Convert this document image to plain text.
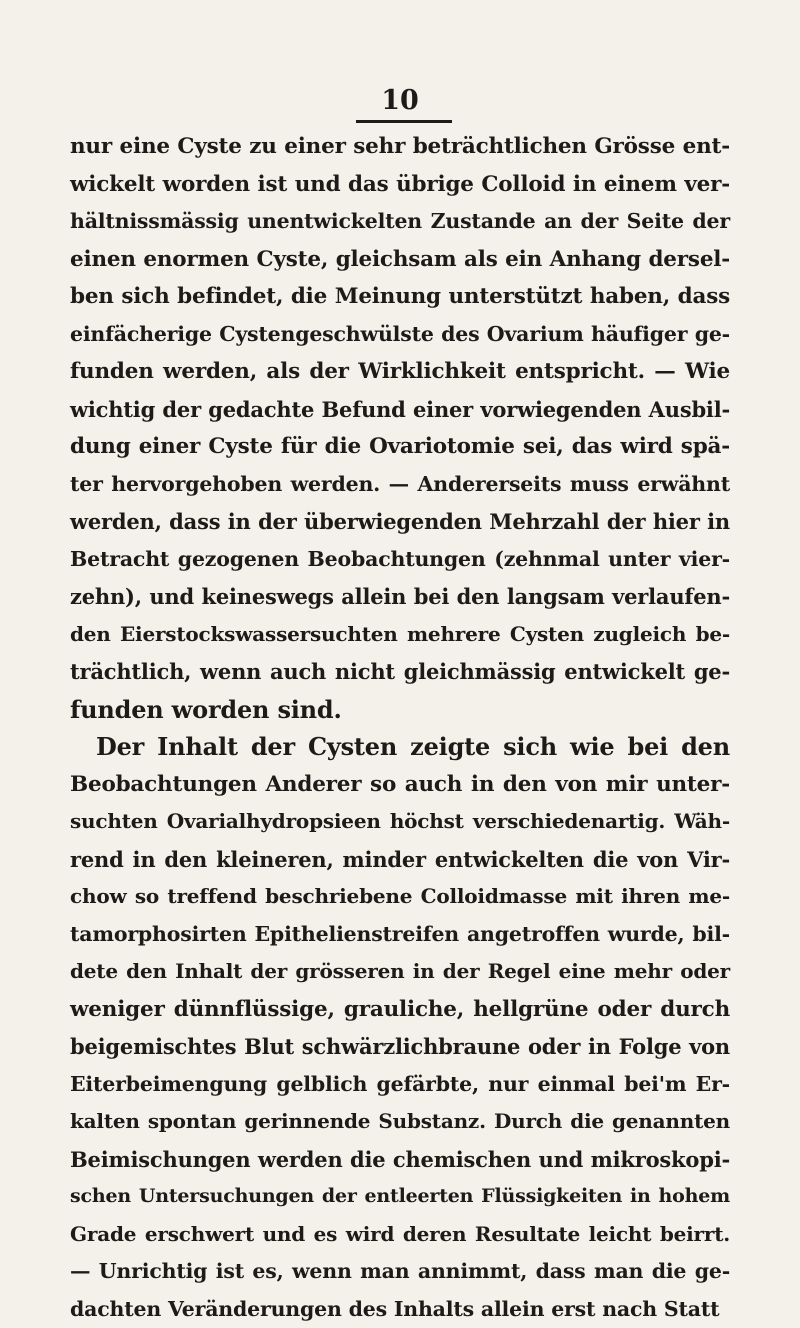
10
nur eine Cyste zu einer sehr beträchtlichen Grösse ent-
wickelt worden ist und das übrige Colloid in einem ver-
hältnissmässig unentwickelten Zustande an der Seite der
einen enormen Cyste, gleichsam als ein Anhang dersel-
ben sich befindet, die Meinung unterstützt haben, dass
einfächerige Cystengeschwülste des Ovarium häufiger ge-
funden werden, als der Wirklichkeit entspricht. — Wie
wichtig der gedachte Befund einer vorwiegenden Ausbil-
dung einer Cyste für die Ovariotomie sei, das wird spä-
ter hervorgehoben werden. — Andererseits muss erwähnt
werden, dass in der überwiegenden Mehrzahl der hier in
Betracht gezogenen Beobachtungen (zehnmal unter vier-
zehn), und keineswegs allein bei den langsam verlaufen-
den Eierstockswassersuchten mehrere Cysten zugleich be-
trächtlich, wenn auch nicht gleichmässig entwickelt ge-
funden worden sind.
Der Inhalt der Cysten zeigte sich wie bei den
Beobachtungen Anderer so auch in den von mir unter-
suchten Ovarialhydropsieen höchst verschiedenartig. Wäh-
rend in den kleineren, minder entwickelten die von Vir-
chow so treffend beschriebene Colloidmasse mit ihren me-
tamorphosirten Epithelienstreifen angetroffen wurde, bil-
dete den Inhalt der grösseren in der Regel eine mehr oder
weniger dünnflüssige, grauliche, hellgrüne oder durch
beigemischtes Blut schwärzlichbraune oder in Folge von
Eiterbeimengung gelblich gefärbte, nur einmal bei'm Er-
kalten spontan gerinnende Substanz. Durch die genannten
Beimischungen werden die chemischen und mikroskopi-
schen Untersuchungen der entleerten Flüssigkeiten in hohem
Grade erschwert und es wird deren Resultate leicht beirrt.
— Unrichtig ist es, wenn man annimmt, dass man die ge-
dachten Veränderungen des Inhalts allein erst nach Statt
